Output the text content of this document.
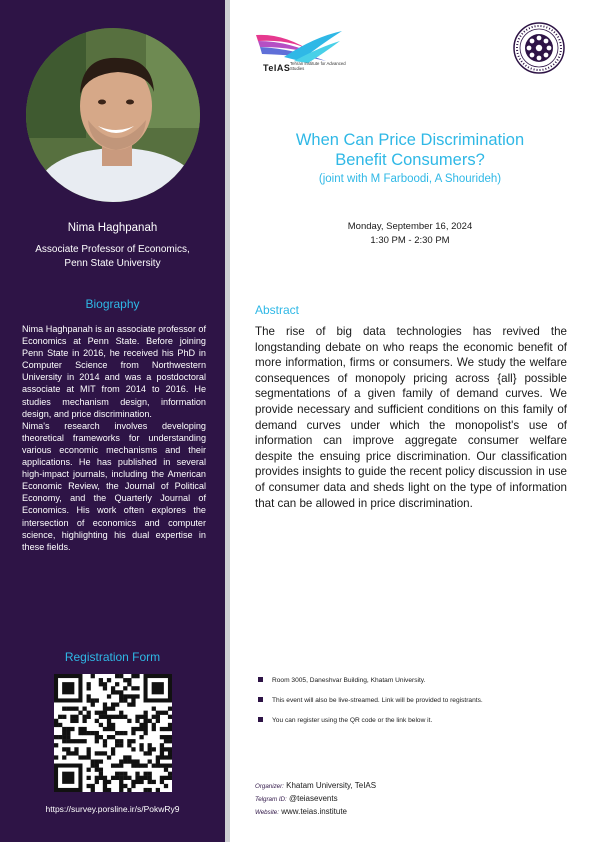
Nima Haghpanah
Associate Professor of Economics,
Penn State University
Biography

Nima Haghpanah is an associate professor of Economics at Penn State. Before joining Penn State in 2016, he received his PhD in Computer Science from Northwestern University in 2014 and was a postdoctoral associate at MIT from 2014 to 2016. He studies mechanism design, information design, and price discrimination.

Nima's research involves developing theoretical frameworks for understanding various economic mechanisms and their applications. He has published in several high-impact journals, including the American Economic Review, the Journal of Political Economy, and the Quarterly Journal of Economics. His work often explores the intersection of economics and computer science, highlighting his dual expertise in these fields.

Registration Form
https://survey.porsline.ir/s/PokwRy9
TeIAS Tehran Institute for Advanced Studies
When Can Price Discrimination
Benefit Consumers?
(joint with M Farboodi, A Shourideh)
Monday, September 16, 2024
1:30 PM - 2:30 PM
Abstract
The rise of big data technologies has revived the longstanding debate on who reaps the economic benefit of more information, firms or consumers. We study the welfare consequences of monopoly pricing across {all} possible segmentations of a given family of demand curves. We provide necessary and sufficient conditions on this family of demand curves under which the monopolist's use of information can improve aggregate consumer welfare despite the ensuing price discrimination. Our classification provides insights to guide the recent policy discussion in use of consumer data and sheds light on the type of information that can be allowed in price discrimination.
Room 3005, Daneshvar Building, Khatam University.
This event will also be live-streamed. Link will be provided to registrants.
You can register using the QR code or the link below it.
Organizer: Khatam University, TeIAS
Telgram ID: @teiasevents
Website: www.teias.institute
